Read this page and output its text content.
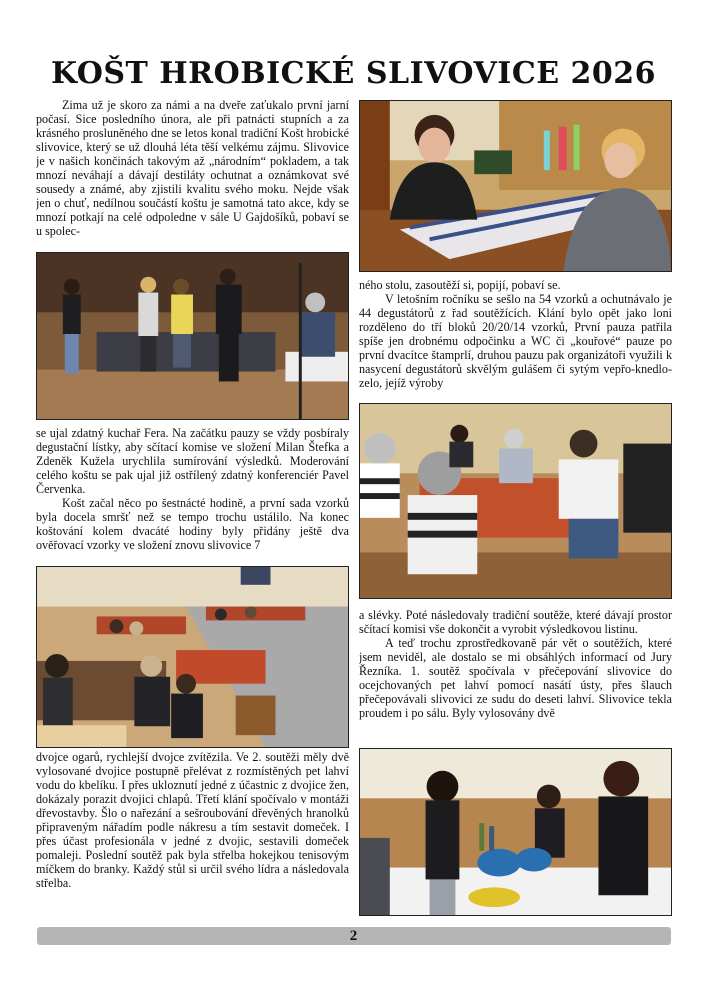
KOŠT HROBICKÉ SLIVOVICE 2026

Zima už je skoro za námi a na dveře zaťukalo první jarní počasí. Sice posledního února, ale při patnácti stupních a za krásného prosluněného dne se letos konal tradiční Košt hrobické slivovice, který se už dlouhá léta těší velkému zájmu. Slivovice je v našich končinách takovým až „národním“ pokladem, a tak mnozí neváhají a dávají destiláty ochutnat a oznámkovat své sousedy a známé, aby zjistili kvalitu svého moku. Nejde však jen o chuť, nedílnou součástí koštu je samotná tato akce, kdy se mnozí potkají na celé odpoledne v sále U Gajdošíků, pobaví se u spolec-

se ujal zdatný kuchař Fera. Na začátku pauzy se vždy posbíraly degustační lístky, aby sčítací komise ve složení Milan Štefka a Zdeněk Kužela urychlila sumírování výsledků. Moderování celého koštu se pak ujal již ostřílený zdatný konferenciér Pavel Červenka.

Košt začal něco po šestnácté hodině, a první sada vzorků byla docela smršť než se tempo trochu ustálilo. Na konec koštování kolem dvacáté hodiny byly přidány ještě dva ověřovací vzorky ve složení znovu slivovice 7

dvojce ogarů, rychlejší dvojce zvítězila. Ve 2. soutěži měly dvě vylosované dvojice postupně přelévat z rozmístěných pet lahví vodu do kbelíku. I přes ukloznutí jedné z účastnic z dvojice žen, dokázaly porazit dvojici chlapů. Třetí klání spočívalo v montáži dřevostavby. Šlo o nařezání a sešroubování dřevěných hranolků připraveným nářadím podle nákresu a tím sestavit domeček. I přes účast profesionála v jedné z dvojic, sestavili domeček pomaleji. Poslední soutěž pak byla střelba hokejkou tenisovým míčkem do branky. Každý stůl si určil svého lídra a následovala střelba.

ného stolu, zasoutěží si, popijí, pobaví se.

V letošním ročníku se sešlo na 54 vzorků a ochutnávalo je 44 degustátorů z řad soutěžících. Klání bylo opět jako loni rozděleno do tří bloků 20/20/14 vzorků, První pauza patřila spíše jen drobnému odpočinku a WC či „kouřové“ pauze po první dvacítce štamprlí, druhou pauzu pak organizátoři využili k nasycení degustátorů skvělým gulášem či sytým vepřo-knedlo-zelo, jejíž výroby

a slévky. Poté následovaly tradiční soutěže, které dávají prostor sčítací komisi vše dokončit a vyrobit výsledkovou listinu.

A teď trochu zprostředkovaně pár vět o soutěžích, které jsem neviděl, ale dostalo se mi obsáhlých informací od Jury Řezníka. 1. soutěž spočívala v přečepování slivovice do ocejchovaných pet lahví pomocí nasátí ústy, přes šlauch přečepovávali slivovici ze sudu do deseti lahví. Slivovice tekla proudem i po sálu. Byly vylosovány dvě

2
